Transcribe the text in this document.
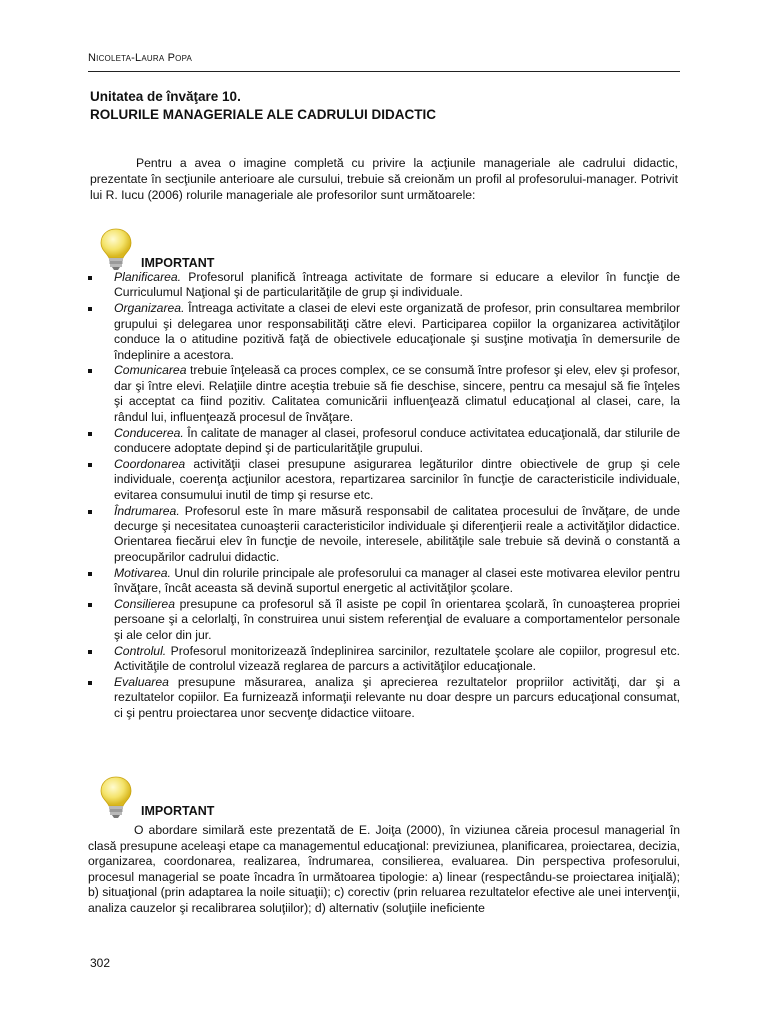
Nicoleta-Laura Popa
Unitatea de învăţare 10.
ROLURILE MANAGERIALE ALE CADRULUI DIDACTIC
Pentru a avea o imagine completă cu privire la acţiunile manageriale ale cadrului didactic, prezentate în secţiunile anterioare ale cursului, trebuie să creionăm un profil al profesorului-manager. Potrivit lui R. Iucu (2006) rolurile manageriale ale profesorilor sunt următoarele:
IMPORTANT
Planificarea. Profesorul planifică întreaga activitate de formare si educare a elevilor în funcţie de Curriculumul Naţional şi de particularităţile de grup şi individuale.
Organizarea. Întreaga activitate a clasei de elevi este organizată de profesor, prin consultarea membrilor grupului şi delegarea unor responsabilităţi către elevi. Participarea copiilor la organizarea activităţilor conduce la o atitudine pozitivă faţă de obiectivele educaţionale şi susţine motivaţia în demersurile de îndeplinire a acestora.
Comunicarea trebuie înţeleasă ca proces complex, ce se consumă între profesor şi elev, elev şi profesor, dar şi între elevi. Relaţiile dintre aceştia trebuie să fie deschise, sincere, pentru ca mesajul să fie înţeles şi acceptat ca fiind pozitiv. Calitatea comunicării influenţează climatul educaţional al clasei, care, la rândul lui, influenţează procesul de învăţare.
Conducerea. În calitate de manager al clasei, profesorul conduce activitatea educaţională, dar stilurile de conducere adoptate depind şi de particularităţile grupului.
Coordonarea activităţii clasei presupune asigurarea legăturilor dintre obiectivele de grup şi cele individuale, coerenţa acţiunilor acestora, repartizarea sarcinilor în funcţie de caracteristicile individuale, evitarea consumului inutil de timp şi resurse etc.
Îndrumarea. Profesorul este în mare măsură responsabil de calitatea procesului de învăţare, de unde decurge şi necesitatea cunoaşterii caracteristicilor individuale şi diferenţierii reale a activităţilor didactice. Orientarea fiecărui elev în funcţie de nevoile, interesele, abilităţile sale trebuie să devină o constantă a preocupărilor cadrului didactic.
Motivarea. Unul din rolurile principale ale profesorului ca manager al clasei este motivarea elevilor pentru învăţare, încât aceasta să devină suportul energetic al activităţilor şcolare.
Consilierea presupune ca profesorul să îl asiste pe copil în orientarea şcolară, în cunoaşterea propriei persoane şi a celorlalţi, în construirea unui sistem referenţial de evaluare a comportamentelor personale şi ale celor din jur.
Controlul. Profesorul monitorizează îndeplinirea sarcinilor, rezultatele şcolare ale copiilor, progresul etc. Activităţile de controlul vizează reglarea de parcurs a activităţilor educaţionale.
Evaluarea presupune măsurarea, analiza şi aprecierea rezultatelor propriilor activităţi, dar şi a rezultatelor copiilor. Ea furnizează informaţii relevante nu doar despre un parcurs educaţional consumat, ci şi pentru proiectarea unor secvenţe didactice viitoare.
IMPORTANT
O abordare similară este prezentată de E. Joiţa (2000), în viziunea căreia procesul managerial în clasă presupune aceleaşi etape ca managementul educaţional: previziunea, planificarea, proiectarea, decizia, organizarea, coordonarea, realizarea, îndrumarea, consilierea, evaluarea. Din perspectiva profesorului, procesul managerial se poate încadra în următoarea tipologie: a) linear (respectându-se proiectarea iniţială); b) situaţional (prin adaptarea la noile situaţii); c) corectiv (prin reluarea rezultatelor efective ale unei intervenţii, analiza cauzelor şi recalibrarea soluţiilor); d) alternativ (soluţiile ineficiente
302
